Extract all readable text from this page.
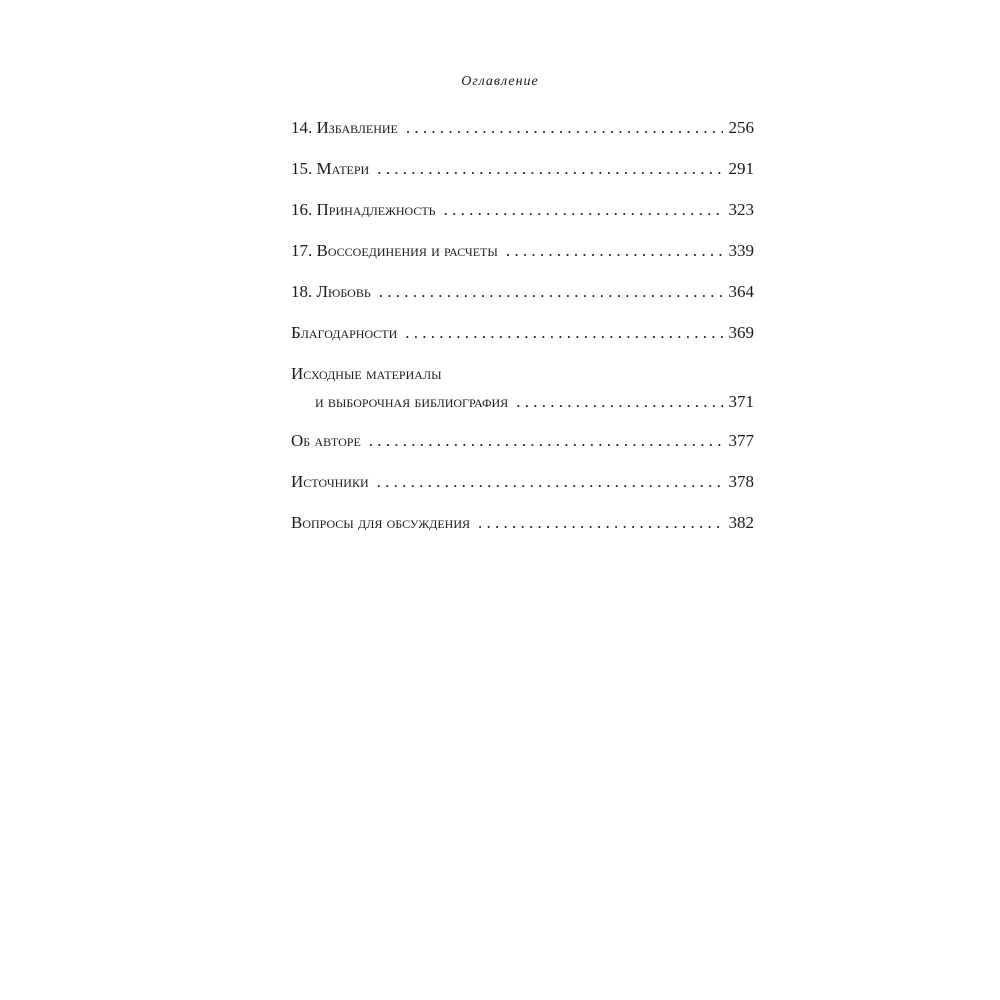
Оглавление
14. Избавление . . .	256
15. Матери . . .	291
16. Принадлежность . . .	323
17. Воссоединения и расчеты . . .	339
18. Любовь . . .	364
Благодарности . . .	369
Исходные материалы
и выборочная библиография . . .	371
Об авторе . . .	377
Источники . . .	378
Вопросы для обсуждения . . .	382
